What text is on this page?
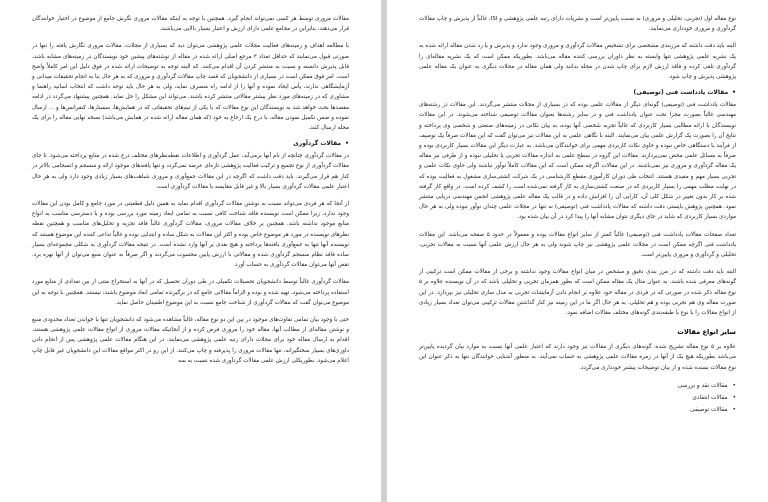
مقالات مروری توسط هر کسی نمی‌تواند انجام گیرد. همچنین با توجه به اینکه مقالات مروری نگرش جامع از موضوع در اختیار خوانندگان قرار می‌دهند، بنابراین در مجامع علمی دارای ارزش و اعتبار بسیار بالایی می‌باشند.

با مطالعه اهداف و زمینه‌های فعالیت مجلات علمی پژوهشی می‌توان دید که بسیاری از مجلات، مقالات مروری نگارش یافته را تنها در صورتی قبول می‌نمایند که حداقل تعداد ۳ مرجع اصلی ارائه شده در مقاله از نوشته‌های پیشین خود نویسندگان در زمینه‌های مشابه باشد، قابل پذیرش دانسته و نسبت به منتشر کردن آن اقدام می‌کنند. که البته توجه به توضیحات ارائه شده در فوق دلیل این امر کاملاً واضح است. امر فوق ممکن است در بسیاری از دانشجویان که قصد چاپ مقالات گردآوری و مروری که به هر حال بنا به انجام تحقیقات میدانی و آزمایشگاهی ندارند، یأس ایجاد نموده و آنها را از ادامه راه منصرف نماید، ولی به هر حال باید توجه داشت که انتخاب اساتید راهنما و مشاوری که در زمینه‌های مورد نظر پیشتر مقالاتی منتشر کرده باشند، می‌تواند این مشکل را حل نماید. همچنین پیشنهاد می‌گردد در ادامه مقصد‌ها بحث خواهد شد به نویسندگان این نوع مقالات که با یکی از تیم‌های تحقیقاتی که در همایش‌ها، سمینارها، کنفرانس‌ها و ... ارسال نموده و ضمن تکمیل نمودن مقاله، با درج یک ارجاع به خود (که همان مقاله ارائه شده در همایش می‌باشد) نسخه نهایی مقاله را برای یک مجله ارسال کنند.

• مقالات گردآوری

در مقالات گردآوری چنانچه از نام آنها برمی‌آید، عمل گردآوری و اطلاعات نقطه‌نظرهای مختلف درج شده در منابع پرداخته می‌شود. تا جای مقالات گردآوری از نوع تجمیع و ترکیب فعالیت پژوهشی تازه‌ای عرضه نمی‌گردد و تنها یافته‌های موجود ارائه و منسجم و انسجامی بالاتر در کنار هم قرار می‌گیرند. باید دقت داشت که اگرچه در این مقالات جمع‌آوری و مروری شباهت‌های بسیار زیادی وجود دارد ولی به هر حال اعتبار علمی مقالات گردآوری بسیار بالا و غیر قابل مقایسه با مقالات گردآوری است.

از آنجا که هر فردی می‌تواند نسبت به نوشتن مقالات گردآوری اقدام نماید به همین دلیل قطعیتی در مورد جامع و کامل بودن این مقالات وجود ندارد، زیرا ممکن است نویسنده فاقد شناخت کافی نسبت به تمامی ابعاد زمینه مورد بررسی بوده و یا دسترسی مناسب به انواع منابع موجود نداشته باشد. همچنین بر خلاف مقالات مروری، مقالات گردآوری غالباً فاقد تجزیه و تحلیل‌های مناسب و همچنین نقطه نظرهای نویسنده در مورد هر موضوع خاص بوده و اکثر این مقالات به شکل ساده و ابتدایی بوده و غالباً تداعی کننده این موضوع هستند که نویسنده آنها تنها به جمع‌آوری یافته‌ها پرداخته و هیچ نقدی بر آنها وارد نشده است. در نتیجه مقالات گردآوری به شکلی مجموعه‌ای بسیار ساده فاقد نظام منسجم گردآوری شده و مقالاتی با ارزش پایین محسوب می‌گردند و اگر صرفاً به عنوان منبع می‌توان از آنها بهره برد. نقض آنها می‌توان مقالات گردآوری به حساب آورد.

مقالات گردآوری غالباً توسط دانشجویان تحصیلات تکمیلی در طی دوران تحصیل که در آنها به استخراج متنی از بین تعدادی از منابع مورد استفاده پرداخته می‌شود، تهیه شده و بوده و الزاماً مقالاتی جامع که در برگیرنده تمامی ابعاد موضوع باشند، نیستند. همچنین با توجه به این موضوع می‌توان گفت که مقالات گردآوری از شناخت جامع نسبت به این موضوع اطمینان حاصل نماید.

حتی با وجود بیان تمامی تفاوت‌های موجود در بین این دو نوع مقاله، غالباً مشاهده می‌شود که دانشجویان تنها با خواندن تعداد محدودی منبع و نوشتن مقاله‌ای از مطالب آنها، مقاله خود را مروری فرض کرده و از آنجائیکه مقالات مروری از انواع مقالات علمی پژوهشی هستند، اقدام به ارسال مقاله خود برای مجلات دارای رتبه علمی پژوهشی می‌نمایند. در این هنگام مقالات علمی پژوهشی پس از انجام دادن داوری‌های بسیار سختگیرانه، تنها مقالات مروری را پذیرفته و چاپ می‌کنند. از این رو در اکثر مواقع مقالات این دانشجویان غیر قابل چاپ اعلام می‌شود. بطوریکلی ارزش علمی مقالات گردآوری شده نسبت به سه

نوع مقاله اول (تجربی، تحلیلی و مروری) به نسبت پایین‌تر است و نشریات دارای رتبه علمی پژوهشی و ISI، غالباً از پذیرش و چاپ مقالات گردآوری و مروری خودداری می‌نمایند.

البته باید دقت داشته که مرزبندی مشخصی برای تشخیص مقالات گردآوری و مروری وجود ندارد و پذیرش و یا رد شدن مقاله ارائه شده به یک نشریه علمی پژوهشی تنها وابسته به نظر داوران بررسی کننده مقاله می‌باشد. بطوریکه ممکن است که یک نشریه مقاله‌ای را گردآوری تلقی کرده و فاقد ارزش لازم برای چاپ شدن در مجله بدانند ولی همان مقاله در مجلات دیگری به عنوان یک مقاله علمی پژوهشی پذیرش و چاپ شود.

• مقالات یادداشت فنی (توصیفی)

مقالات یادداشت فنی (توصیفی) گونه‌ای دیگر از مقالات علمی بوده که در بسیاری از مجلات منتشر می‌گردند. این مقالات در رشته‌های مهندسی غالباً بصورت مجزا تحت عنوان یادداشت فنی و در سایر رشته‌ها بعنوان مقالات توصیفی شناخته می‌شوند. در این مقالات نویسندگان با ارائه مطالبی بسیار کاربردی که غالباً تجربه شخصی آنها بوده، به بیان نکاتی در زمینه‌های صنعتی و شخصی وی پرداخته و نتایج آن را بصورت یک گزارش علمی بیان می‌نمایند. البته با نگاهی علمی به این مقالات نیز می‌توان گفت که این مقالات صرفاً یک توصیف از فرآیند یا دستگاهی خاص نبوده و حاوی نکات کاربردی مهمی برای خوانندگان می‌باشد. به عبارت دیگر این مقالات بسیار کاربردی بوده و صرفاً به مسائل علمی محض نمی‌پردازند. مقالات این گروه در سطح علمی به اندازه مقالات تجربی یا تحلیلی نبوده و از طرفی نیز مقاله یک مقاله گردآوری و مروری نیز نمی‌باشند. در این مقالات اگرچه ممکن است که این مقالات کاملاً نوآور نباشند ولی حاوی نکات علمی و تجربی بسیار مهم و مفیدی هستند. انتخاب طی دوران کارآموزی مقطع کارشناسی در یک شرکت کشتی‌سازی مشغول به فعالیت بوده که در نهایت مطلب مهمی را بسیار کاربردی که در صنعت کشتی‌سازی به کار گرفته نمی‌شده است را کشف کرده است. در واقع کار گرفته شده بر کار بدون تغییر در شکل کلی آن، کارایی آن را افزایش داده و در قالب یک مقاله علمی پژوهشی انجمن مهندسی دریایی منتشر نمود. همچنین پژوهش بایستی دقت داشته که مقالات یادداشت فنی (توصیفی) نه تنها در مجلات علمی چندان نوآور نبوده ولی به هر حال مواردی بسیار کاربردی که شاید در جای دیگری نتوان مشابه آنها را پیدا کرد در آن بیان شده بود.

تعداد صفحات مقالات یادداشت فنی (توصیفی) غالباً کمتر از سایر انواع مقالات بوده و معمولاً در حدود ۵ صفحه می‌باشد. این مقالات یادداشت فنی اگرچه ممکن است در مجلات علمی پژوهشی نیز چاپ شوند ولی به هر حال ارزش علمی آنها نسبت به مقالات تجربی، تحلیلی و گردآوری و مروری پایین‌تر است.

البته باید دقت داشته که در مرز بندی دقیق و مشخص در میان انواع مقالات وجود نداشته و برخی از مقالات ممکن است ترکیبی از گونه‌های معرفی شده باشند. به عنوان مثال یک مقاله ممکن است که بطور همزمان تجربی و تحلیلی باشد که در آن نویسنده علاوه بر ۵ نوع مقاله ذکر شده در صورتی که در فردی در مقاله خود علاوه بر انجام دادن آزمایشات تجربی به مدل سازی تحلیلی نیز بپردازد. در این صورت مقاله وی هم تجربی بوده و هم تحلیلی. به هر حال اگر ما در این زمینه نیز کنار گذاشتن مقالات ترکیبی می‌توان تعداد بسیار زیادی از انواع مقالات را با نوع یا طبقه‌بندی گونه‌های مختلف مقالات اضافه نمود.

سایر انواع مقالات

علاوه بر ۵ نوع مقاله تشریح شده، گونه‌های دیگری از مقالات نیز وجود دارند که اعتبار علمی آنها نسبت به موارد بیان گردیده پایین‌تر می‌باشد بطوریکه هیچ یک از آنها در زمره مقالات علمی پژوهشی به حساب نمی‌آیند. به منظور آشنایی خوانندگان تنها به ذکر عنوان این نوع مقالات بسنده شده و از بیان توضیحات بیشتر خودداری می‌گردد.

• مقالات نقد و بررسی
• مقالات انتقادی
• مقالات توصیفی
